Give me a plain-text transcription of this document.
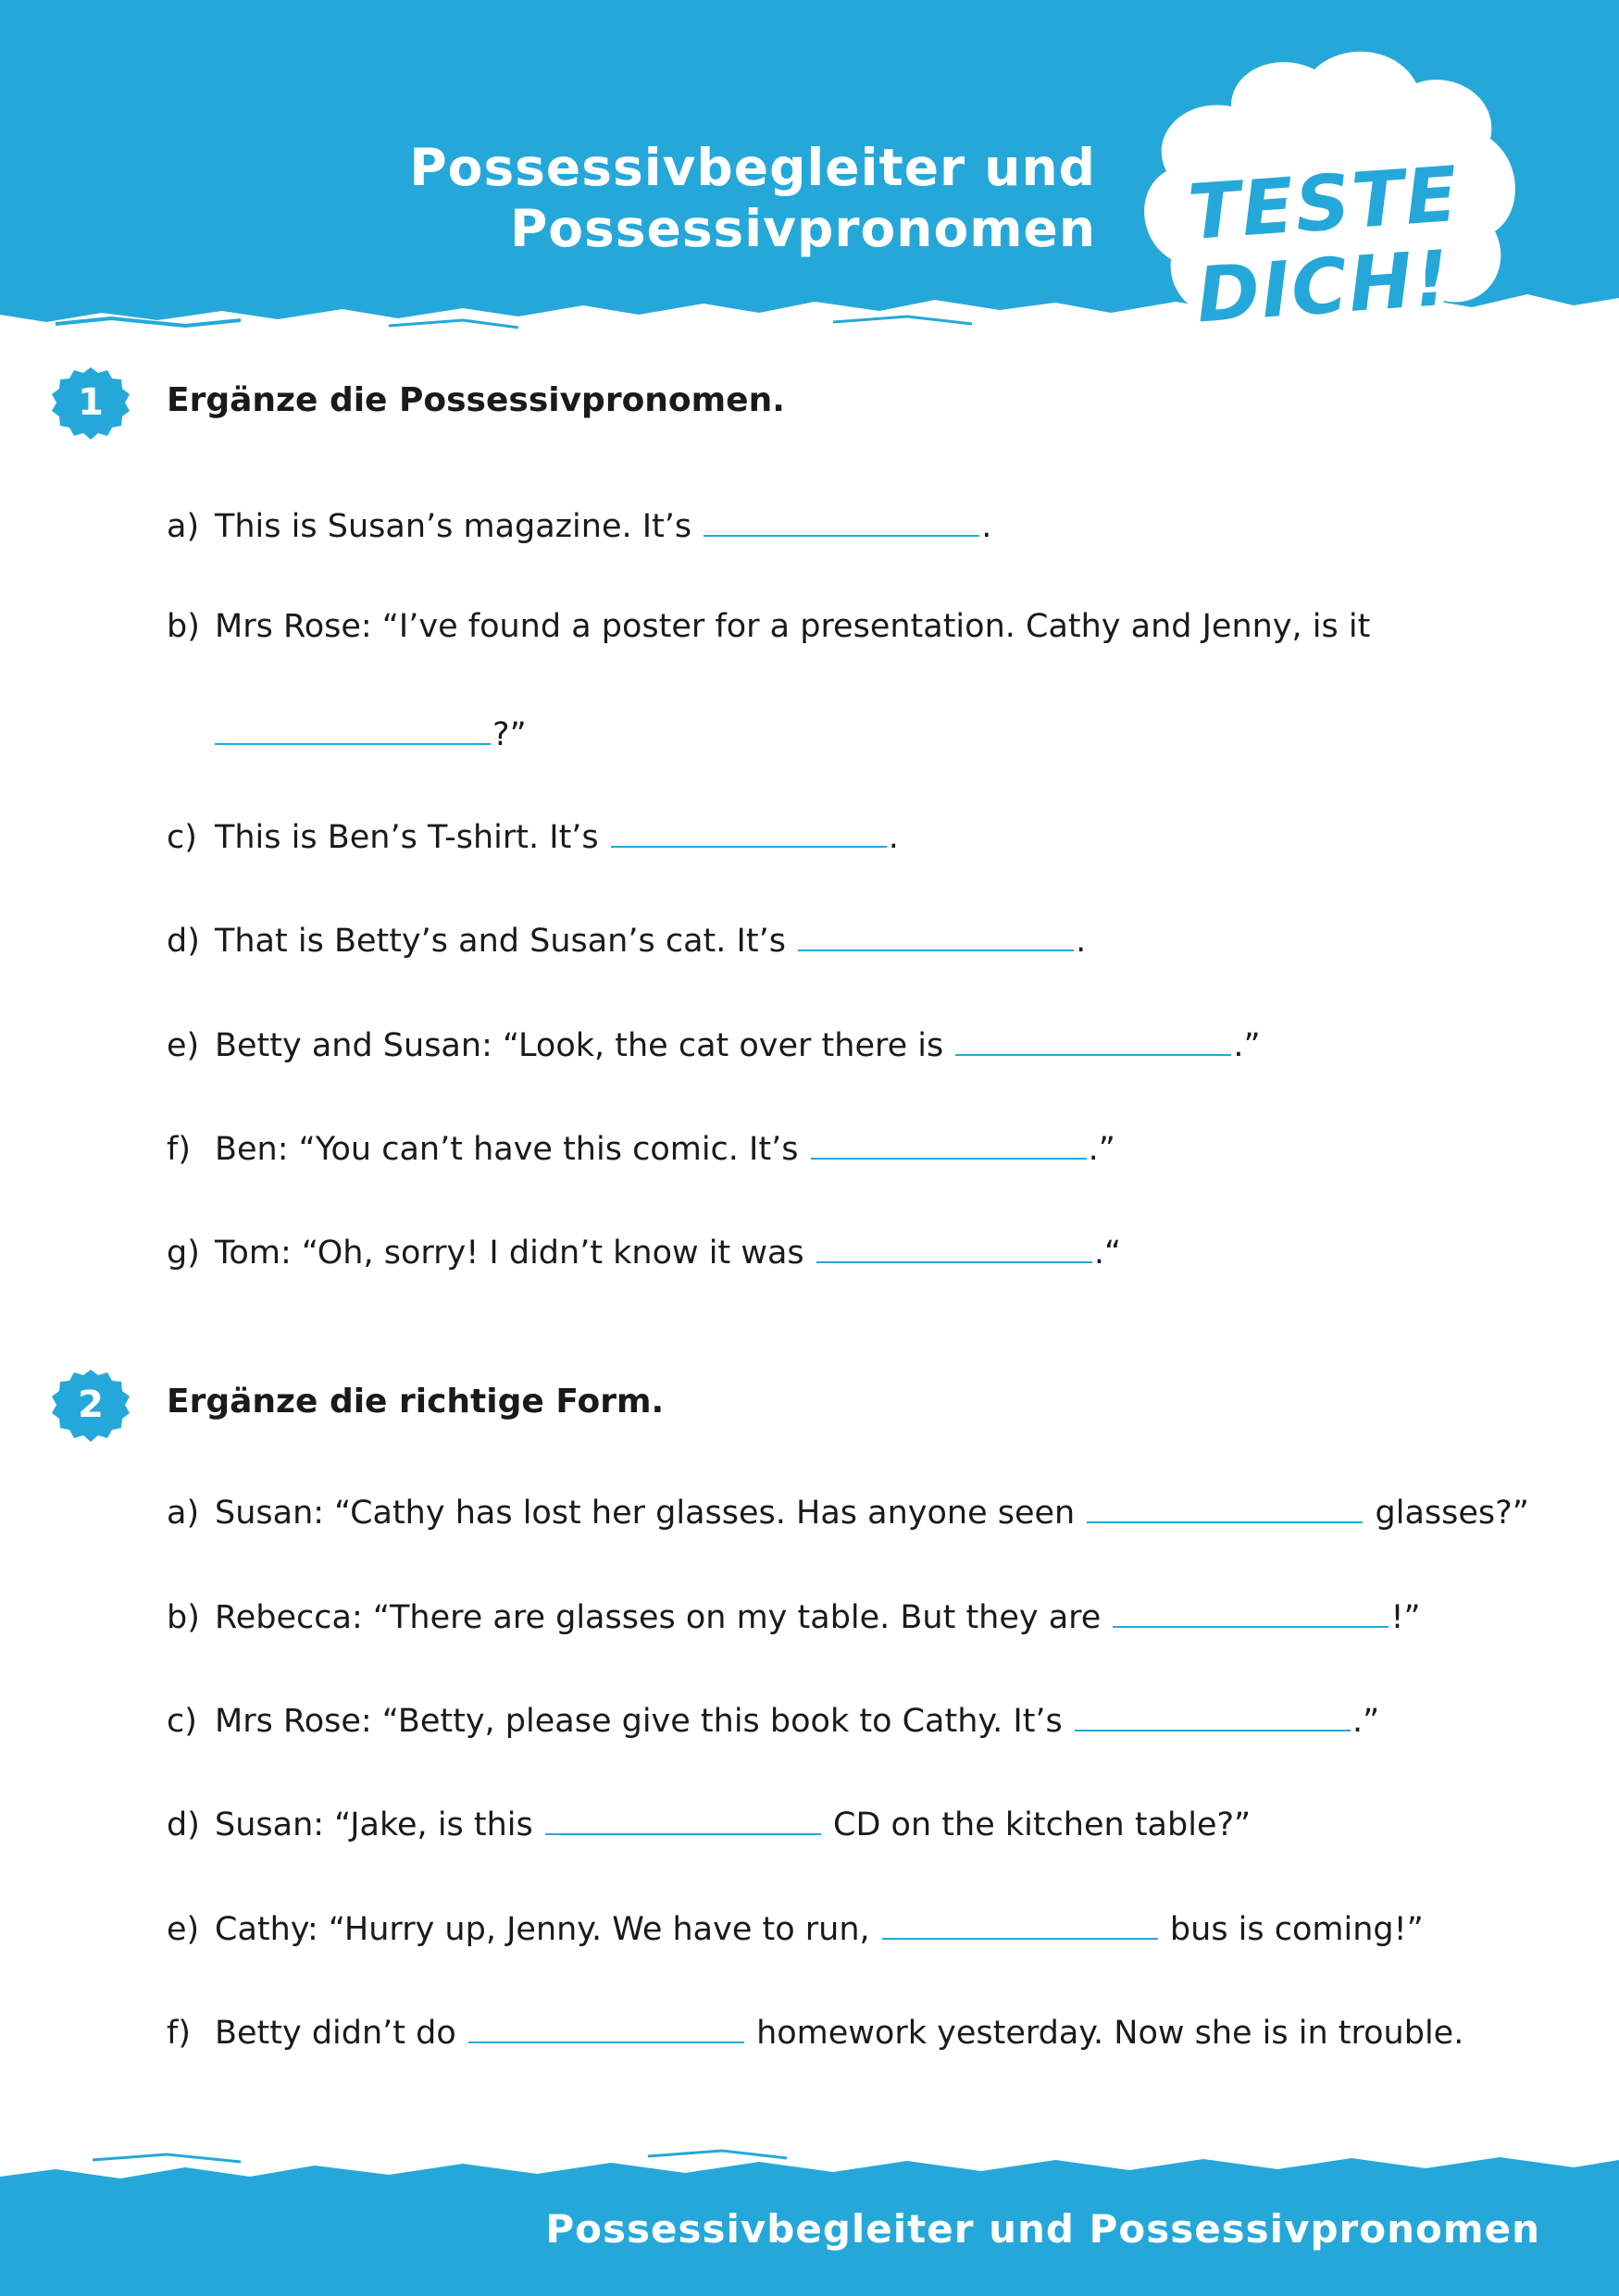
Possessivbegleiter und
Possessivpronomen	TESTE
DICH!
1	Ergänze die Possessivpronomen.
a) This is Susan’s magazine. It’s	.
b) Mrs Rose: “I’ve found a poster for a presentation. Cathy and Jenny, is it
?”
c) This is Ben’s T-shirt. It’s	.
d) That is Betty’s and Susan’s cat. It’s	.
e) Betty and Susan: “Look, the cat over there is	.”
f) Ben: “You can’t have this comic. It’s	.”
g) Tom: “Oh, sorry! I didn’t know it was	.“
2	Ergänze die richtige Form.
a) Susan: “Cathy has lost her glasses. Has anyone seen	glasses?”
b) Rebecca: “There are glasses on my table. But they are	!”
c) Mrs Rose: “Betty, please give this book to Cathy. It’s	.”
d) Susan: “Jake, is this	CD on the kitchen table?”
e) Cathy: “Hurry up, Jenny. We have to run,	bus is coming!”
f) Betty didn’t do	homework yesterday. Now she is in trouble.
Possessivbegleiter und Possessivpronomen
